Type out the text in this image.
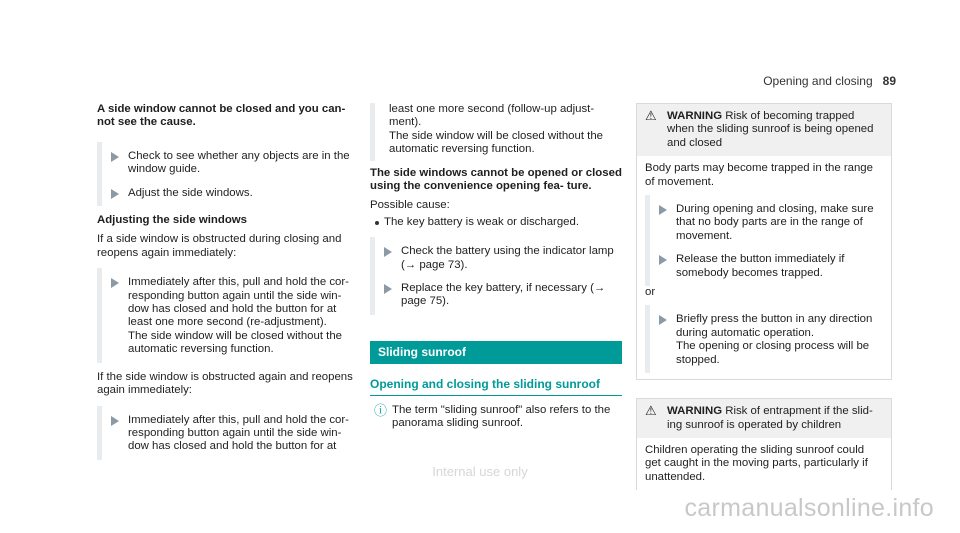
Opening and closing 89

A side window cannot be closed and you can- not see the cause.

Check to see whether any objects are in the window guide.
Adjust the side windows.

Adjusting the side windows

If a side window is obstructed during closing and reopens again immediately:

Immediately after this, pull and hold the cor- responding button again until the side win- dow has closed and hold the button for at least one more second (re-adjustment).
The side window will be closed without the automatic reversing function.

If the side window is obstructed again and reopens again immediately:

Immediately after this, pull and hold the cor- responding button again until the side win- dow has closed and hold the button for at
least one more second (follow-up adjust- ment).
The side window will be closed without the automatic reversing function.

The side windows cannot be opened or closed using the convenience opening fea- ture.

Possible cause:

The key battery is weak or discharged.
Check the battery using the indicator lamp (→ page 73).
Replace the key battery, if necessary (→ page 75).
Sliding sunroof
Opening and closing the sliding sunroof
ⓘ The term "sliding sunroof" also refers to the panorama sliding sunroof.
⚠ WARNING Risk of becoming trapped when the sliding sunroof is being opened and closed

Body parts may become trapped in the range of movement.

During opening and closing, make sure that no body parts are in the range of movement.
Release the button immediately if somebody becomes trapped.

or

Briefly press the button in any direction during automatic operation.
The opening or closing process will be stopped.
⚠ WARNING Risk of entrapment if the slid- ing sunroof is operated by children

Children operating the sliding sunroof could get caught in the moving parts, particularly if unattended.

Internal use only
carmanualsonline.info
